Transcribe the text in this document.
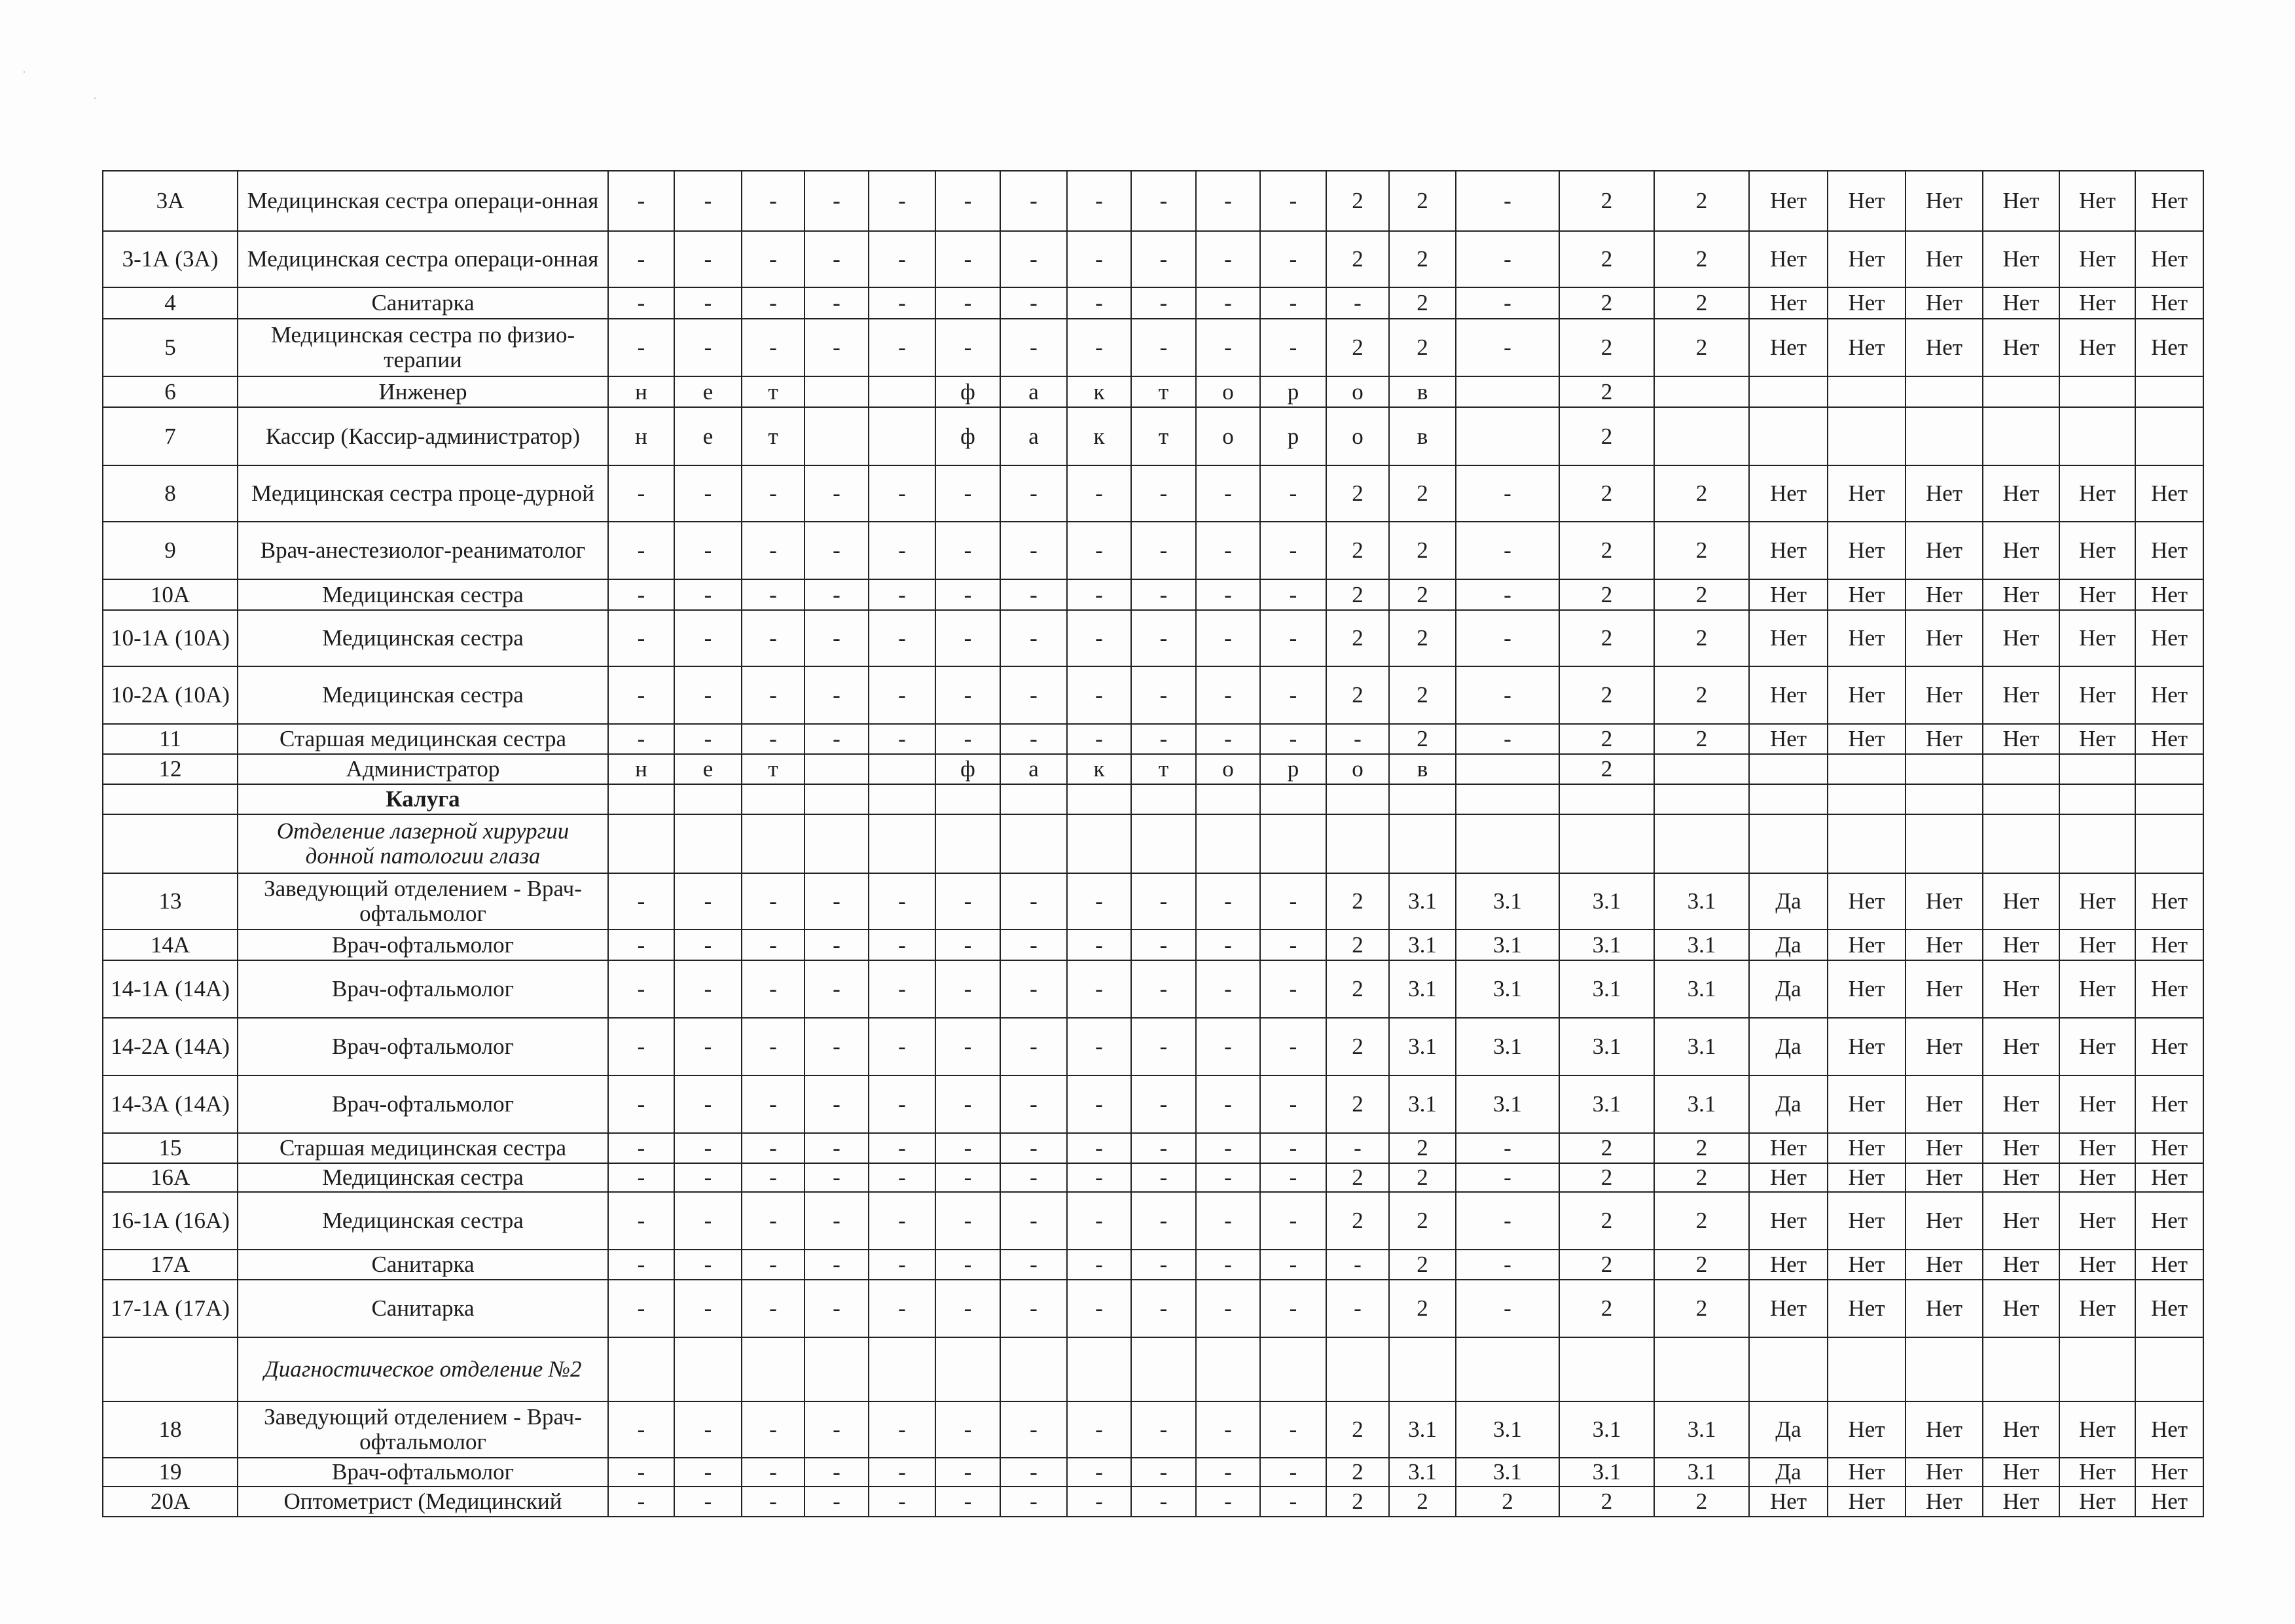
·
·
3А	Медицинская сестра операци-онная	-	-	-	-	-	-	-	-	-	-	-	2	2	-	2	2	Нет	Нет	Нет	Нет	Нет	Нет
3-1А (3А)	Медицинская сестра операци-онная	-	-	-	-	-	-	-	-	-	-	-	2	2	-	2	2	Нет	Нет	Нет	Нет	Нет	Нет
4	Санитарка	-	-	-	-	-	-	-	-	-	-	-	-	2	-	2	2	Нет	Нет	Нет	Нет	Нет	Нет
5	Медицинская сестра по физио-терапии	-	-	-	-	-	-	-	-	-	-	-	2	2	-	2	2	Нет	Нет	Нет	Нет	Нет	Нет
6	Инженер	н	е	т			ф	а	к	т	о	р	о	в		2							
7	Кассир (Кассир-администратор)	н	е	т			ф	а	к	т	о	р	о	в		2							
8	Медицинская сестра проце-дурной	-	-	-	-	-	-	-	-	-	-	-	2	2	-	2	2	Нет	Нет	Нет	Нет	Нет	Нет
9	Врач-анестезиолог-реаниматолог	-	-	-	-	-	-	-	-	-	-	-	2	2	-	2	2	Нет	Нет	Нет	Нет	Нет	Нет
10А	Медицинская сестра	-	-	-	-	-	-	-	-	-	-	-	2	2	-	2	2	Нет	Нет	Нет	Нет	Нет	Нет
10-1А (10А)	Медицинская сестра	-	-	-	-	-	-	-	-	-	-	-	2	2	-	2	2	Нет	Нет	Нет	Нет	Нет	Нет
10-2А (10А)	Медицинская сестра	-	-	-	-	-	-	-	-	-	-	-	2	2	-	2	2	Нет	Нет	Нет	Нет	Нет	Нет
11	Старшая медицинская сестра	-	-	-	-	-	-	-	-	-	-	-	-	2	-	2	2	Нет	Нет	Нет	Нет	Нет	Нет
12	Администратор	н	е	т			ф	а	к	т	о	р	о	в		2							
	Калуга																						
	Отделение лазерной хирургии донной патологии глаза																						
13	Заведующий отделением - Врач-офтальмолог	-	-	-	-	-	-	-	-	-	-	-	2	3.1	3.1	3.1	3.1	Да	Нет	Нет	Нет	Нет	Нет
14А	Врач-офтальмолог	-	-	-	-	-	-	-	-	-	-	-	2	3.1	3.1	3.1	3.1	Да	Нет	Нет	Нет	Нет	Нет
14-1А (14А)	Врач-офтальмолог	-	-	-	-	-	-	-	-	-	-	-	2	3.1	3.1	3.1	3.1	Да	Нет	Нет	Нет	Нет	Нет
14-2А (14А)	Врач-офтальмолог	-	-	-	-	-	-	-	-	-	-	-	2	3.1	3.1	3.1	3.1	Да	Нет	Нет	Нет	Нет	Нет
14-3А (14А)	Врач-офтальмолог	-	-	-	-	-	-	-	-	-	-	-	2	3.1	3.1	3.1	3.1	Да	Нет	Нет	Нет	Нет	Нет
15	Старшая медицинская сестра	-	-	-	-	-	-	-	-	-	-	-	-	2	-	2	2	Нет	Нет	Нет	Нет	Нет	Нет
16А	Медицинская сестра	-	-	-	-	-	-	-	-	-	-	-	2	2	-	2	2	Нет	Нет	Нет	Нет	Нет	Нет
16-1А (16А)	Медицинская сестра	-	-	-	-	-	-	-	-	-	-	-	2	2	-	2	2	Нет	Нет	Нет	Нет	Нет	Нет
17А	Санитарка	-	-	-	-	-	-	-	-	-	-	-	-	2	-	2	2	Нет	Нет	Нет	Нет	Нет	Нет
17-1А (17А)	Санитарка	-	-	-	-	-	-	-	-	-	-	-	-	2	-	2	2	Нет	Нет	Нет	Нет	Нет	Нет
	Диагностическое отделение №2																						
18	Заведующий отделением - Врач-офтальмолог	-	-	-	-	-	-	-	-	-	-	-	2	3.1	3.1	3.1	3.1	Да	Нет	Нет	Нет	Нет	Нет
19	Врач-офтальмолог	-	-	-	-	-	-	-	-	-	-	-	2	3.1	3.1	3.1	3.1	Да	Нет	Нет	Нет	Нет	Нет
20А	Оптометрист (Медицинский	-	-	-	-	-	-	-	-	-	-	-	2	2	2	2	2	Нет	Нет	Нет	Нет	Нет	Нет
